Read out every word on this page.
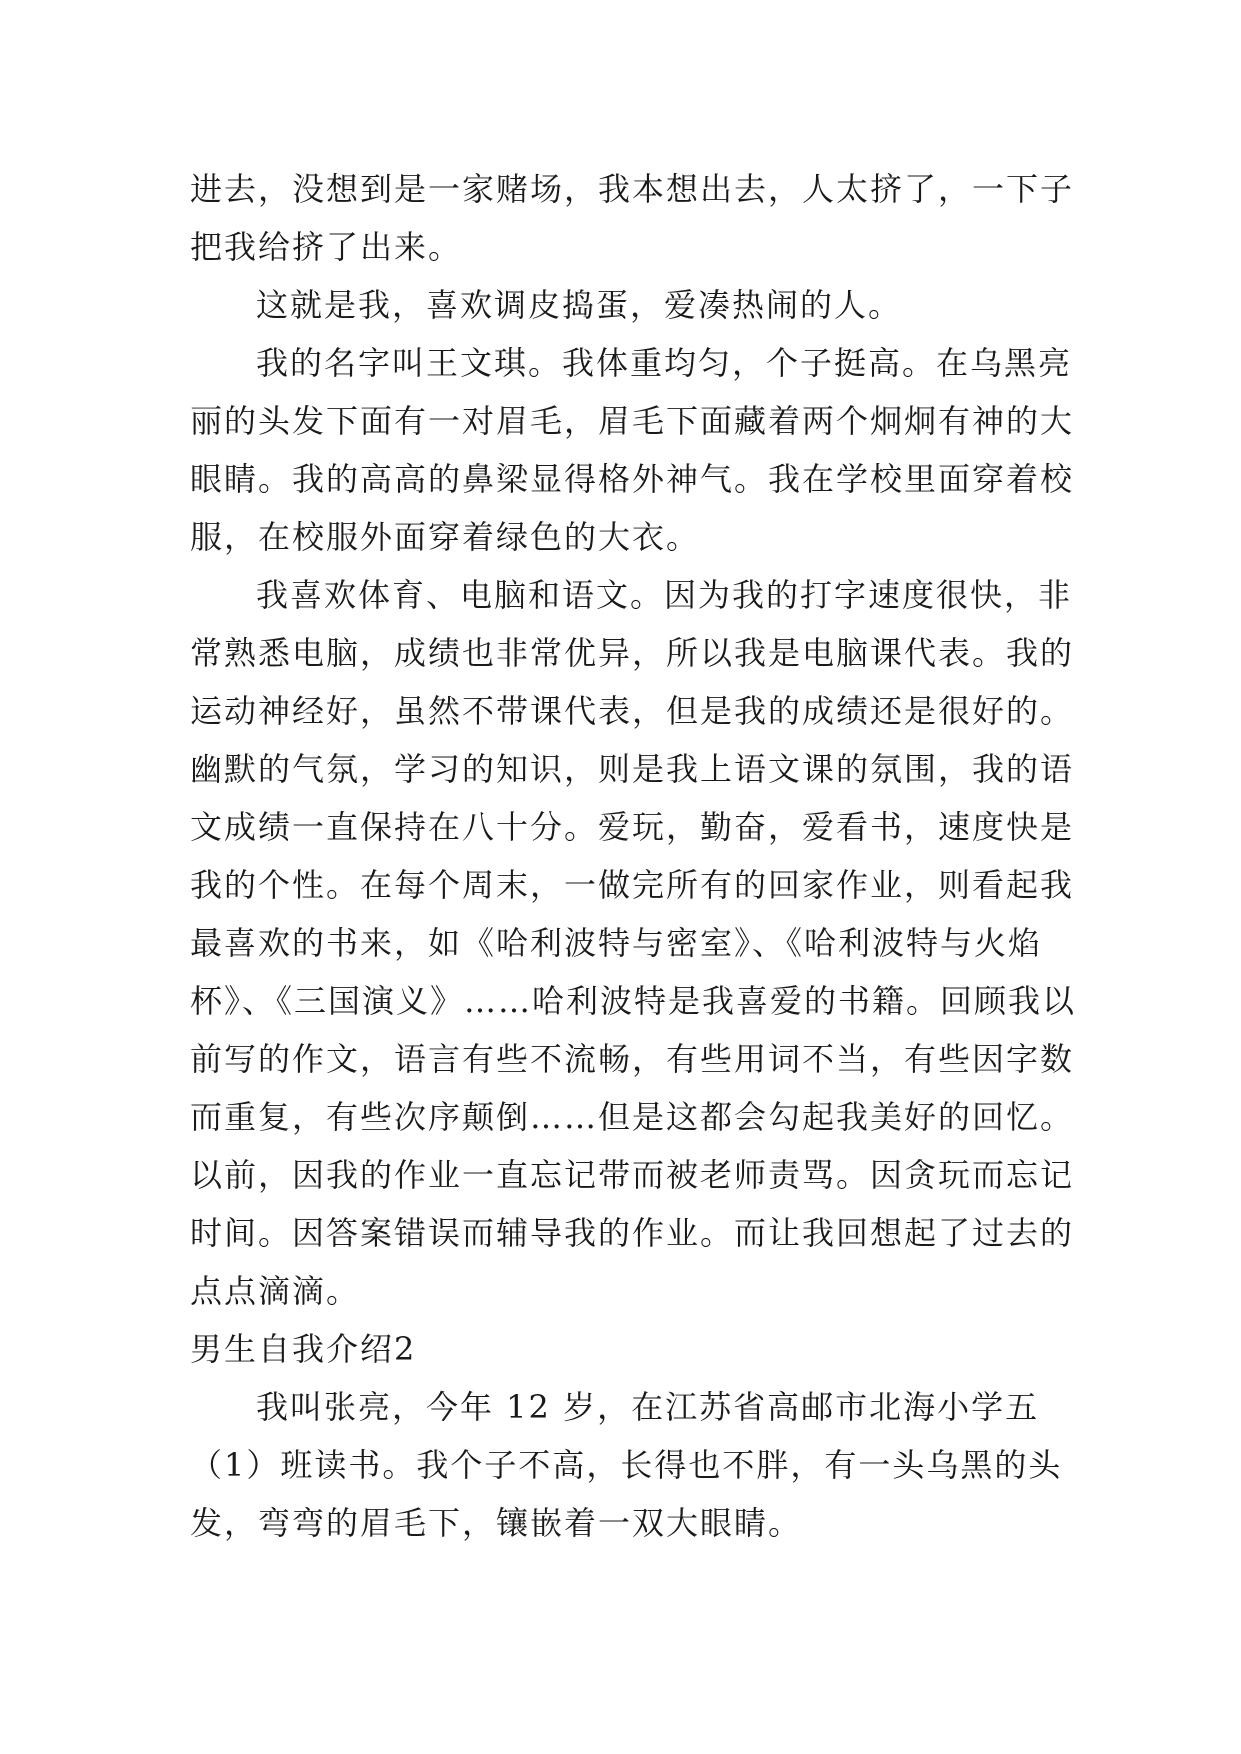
进去，没想到是一家赌场，我本想出去，人太挤了，一下子
把我给挤了出来。
这就是我，喜欢调皮捣蛋，爱凑热闹的人。
我的名字叫王文琪。我体重均匀，个子挺高。在乌黑亮
丽的头发下面有一对眉毛，眉毛下面藏着两个炯炯有神的大
眼睛。我的高高的鼻梁显得格外神气。我在学校里面穿着校
服，在校服外面穿着绿色的大衣。
我喜欢体育、电脑和语文。因为我的打字速度很快，非
常熟悉电脑，成绩也非常优异，所以我是电脑课代表。我的
运动神经好，虽然不带课代表，但是我的成绩还是很好的。
幽默的气氛，学习的知识，则是我上语文课的氛围，我的语
文成绩一直保持在八十分。爱玩，勤奋，爱看书，速度快是
我的个性。在每个周末，一做完所有的回家作业，则看起我
最喜欢的书来，如《哈利波特与密室》、《哈利波特与火焰
杯》、《三国演义》……哈利波特是我喜爱的书籍。回顾我以
前写的作文，语言有些不流畅，有些用词不当，有些因字数
而重复，有些次序颠倒……但是这都会勾起我美好的回忆。
以前，因我的作业一直忘记带而被老师责骂。因贪玩而忘记
时间。因答案错误而辅导我的作业。而让我回想起了过去的
点点滴滴。
男生自我介绍2
我叫张亮，今年 12 岁，在江苏省高邮市北海小学五
（1）班读书。我个子不高，长得也不胖，有一头乌黑的头
发，弯弯的眉毛下，镶嵌着一双大眼睛。
